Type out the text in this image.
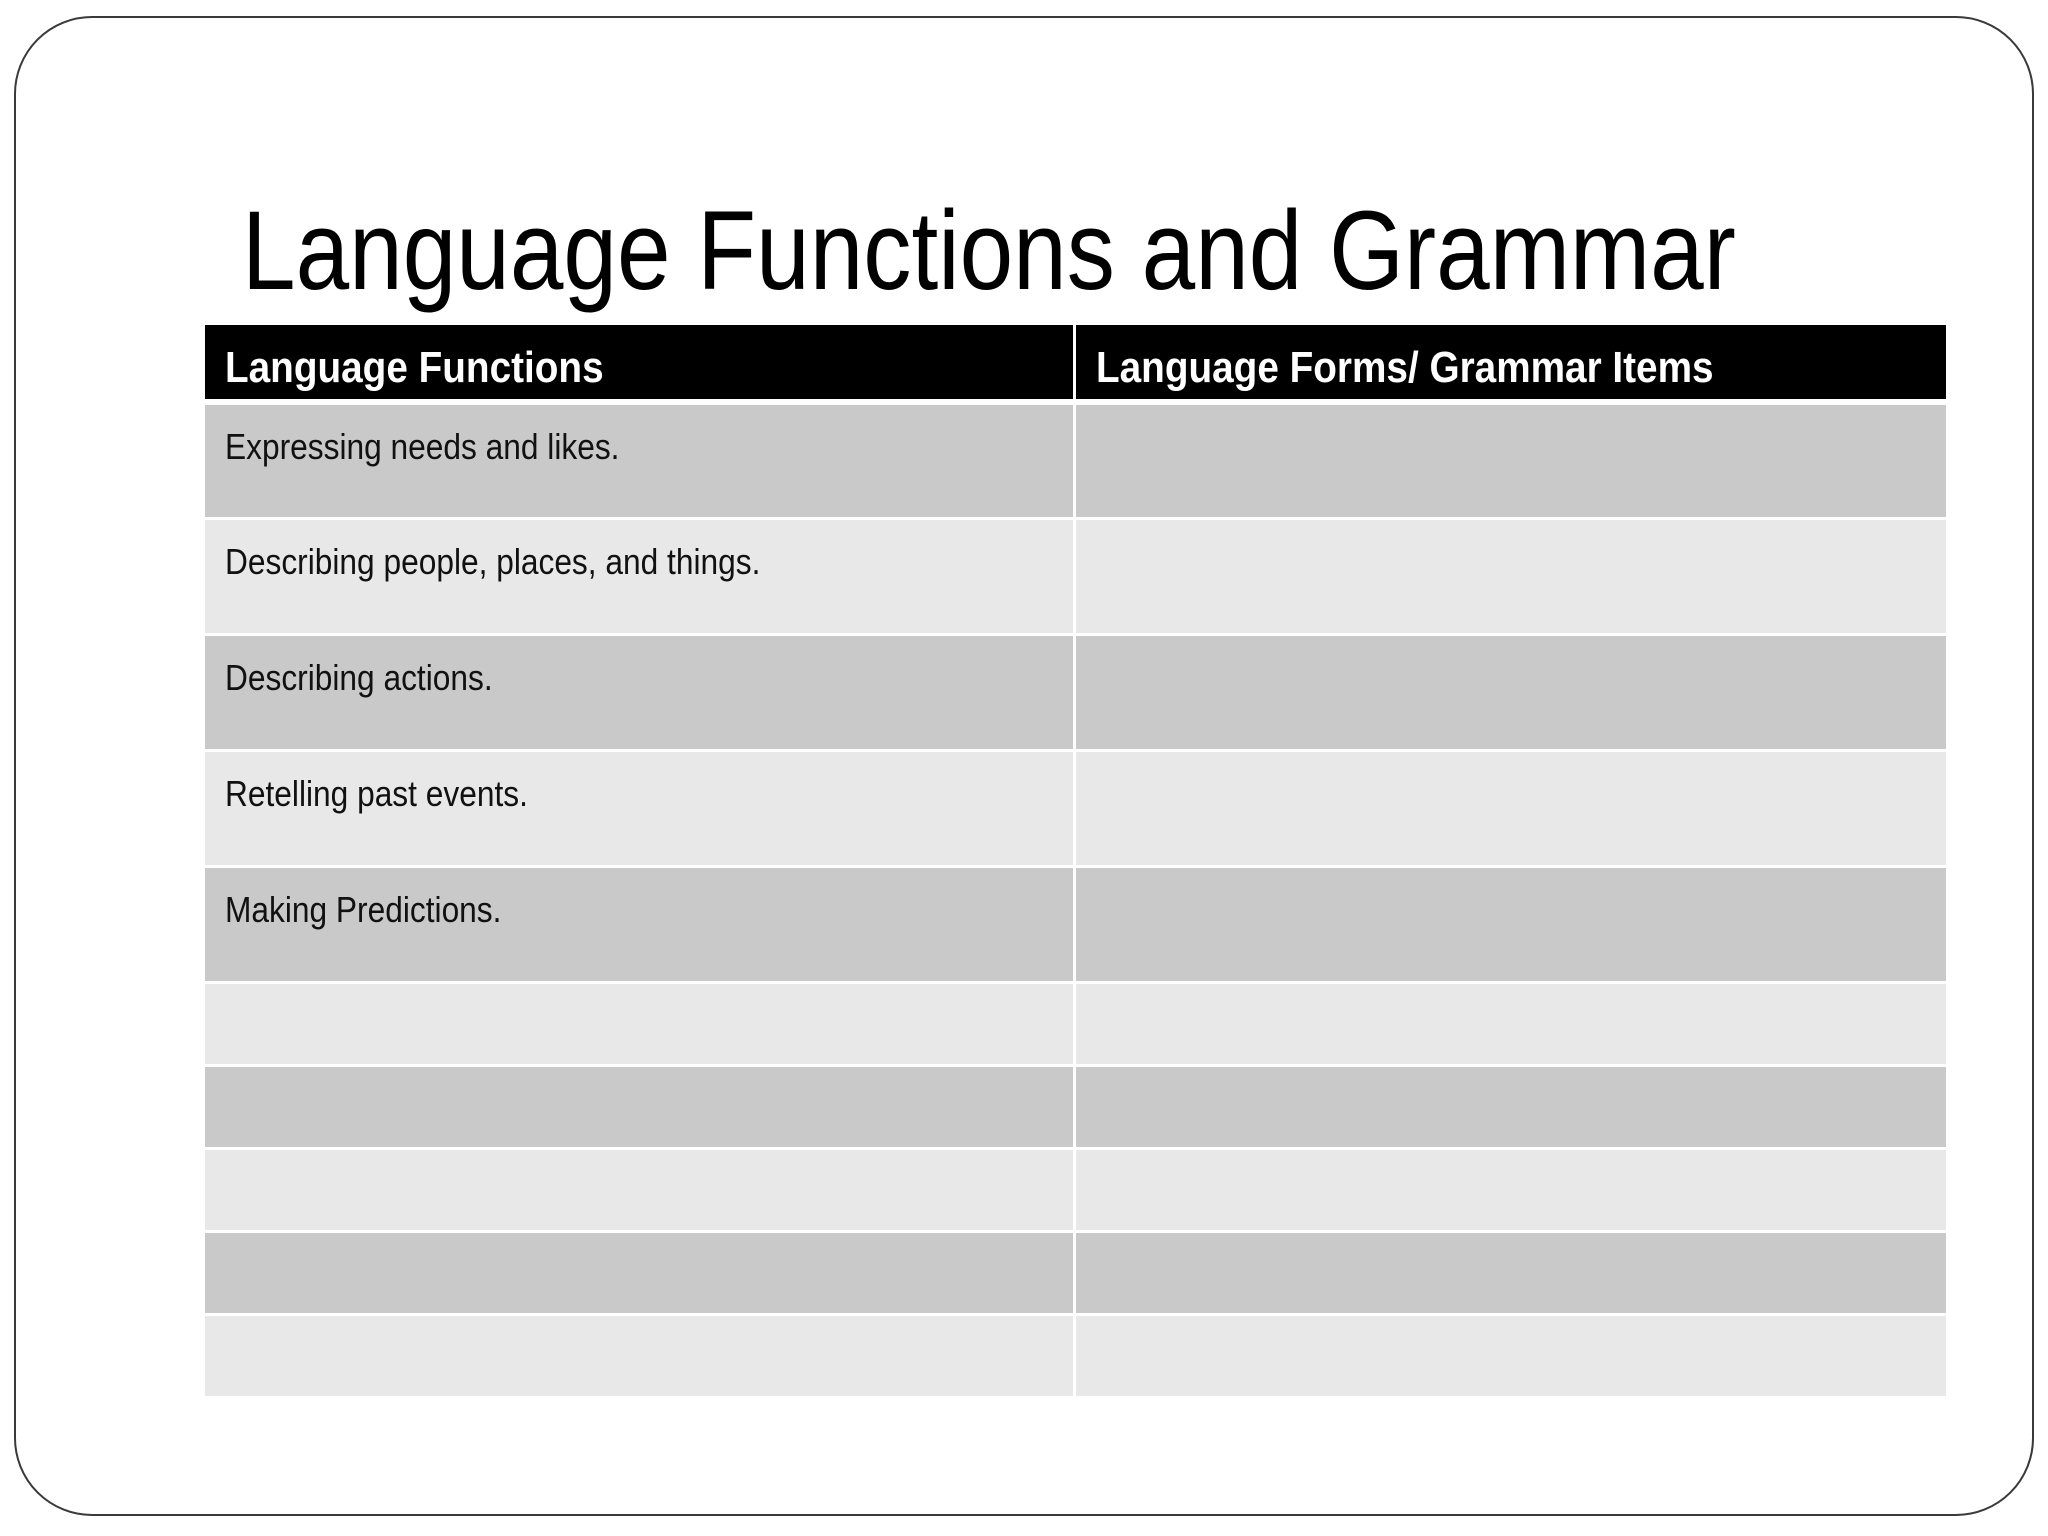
Language Functions and Grammar
Language Functions	Language Forms/ Grammar Items
Expressing needs and likes.
Describing people, places, and things.
Describing actions.
Retelling past events.
Making Predictions.
